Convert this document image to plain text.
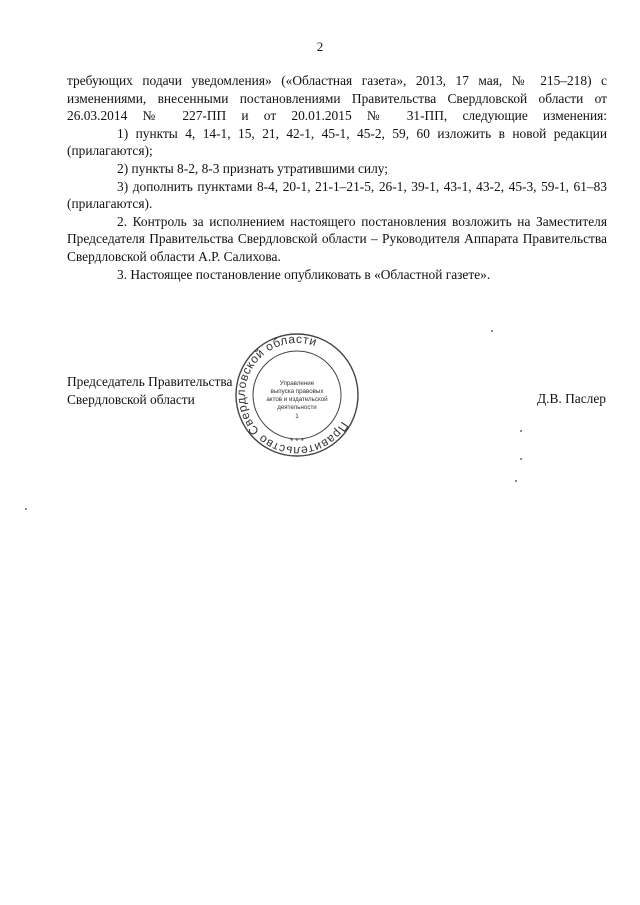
2

требующих подачи уведомления» («Областная газета», 2013, 17 мая, № 215–218) с изменениями, внесенными постановлениями Правительства Свердловской области от 26.03.2014 № 227-ПП и от 20.01.2015 № 31-ПП, следующие изменения:

1) пункты 4, 14-1, 15, 21, 42-1, 45-1, 45-2, 59, 60 изложить в новой редакции (прилагаются);

2) пункты 8-2, 8-3 признать утратившими силу;

3) дополнить пунктами 8-4, 20-1, 21-1–21-5, 26-1, 39-1, 43-1, 43-2, 45-3, 59-1, 61–83 (прилагаются).

2. Контроль за исполнением настоящего постановления возложить на Заместителя Председателя Правительства Свердловской области – Руководителя Аппарата Правительства Свердловской области А.Р. Салихова.

3. Настоящее постановление опубликовать в «Областной газете».

Председатель Правительства
Свердловской области	Д.В. Паслер
Правительство Свердловской области
Управление
выпуска правовых
актов и издательской
деятельности
1
* * *
